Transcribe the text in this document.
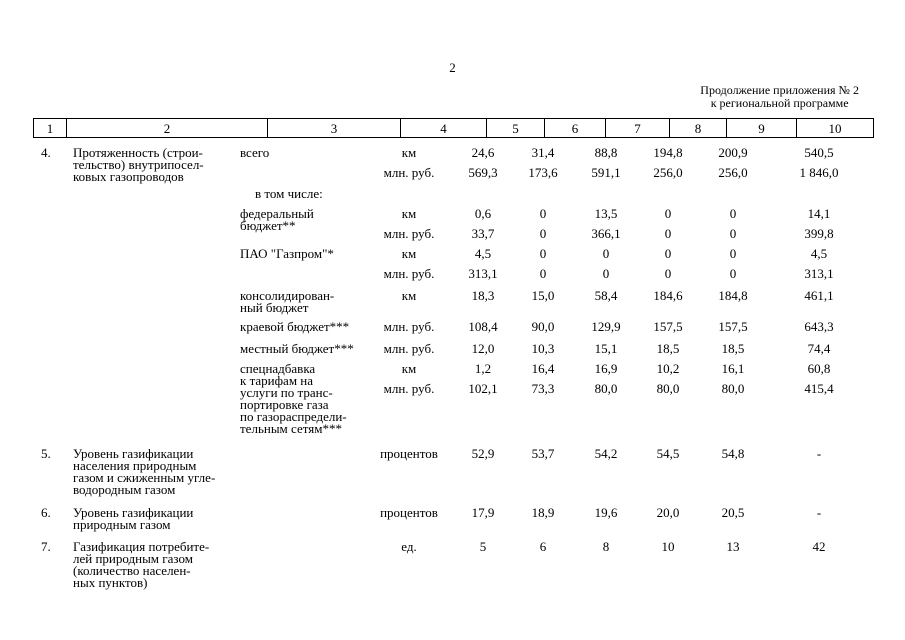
2
Продолжение приложения № 2
к региональной программе
1	2	3	4	5	6	7	8	9	10
4. Протяженность (строи-
тельство) внутрипосел-
ковых газопроводов
всего	км	24,6	31,4	88,8	194,8	200,9	540,5
млн. руб.	569,3	173,6	591,1	256,0	256,0	1 846,0
в том числе:
федеральный
бюджет**
км	0,6	0	13,5	0	0	14,1
млн. руб.	33,7	0	366,1	0	0	399,8
ПАО "Газпром"*	км	4,5	0	0	0	0	4,5
млн. руб.	313,1	0	0	0	0	313,1
консолидирован-
ный бюджет
км	18,3	15,0	58,4	184,6	184,8	461,1
краевой бюджет***	млн. руб.	108,4	90,0	129,9	157,5	157,5	643,3
местный бюджет***	млн. руб.	12,0	10,3	15,1	18,5	18,5	74,4
спецнадбавка
к тарифам на
услуги по транс-
портировке газа
по газораспредели-
тельным сетям***
км	1,2	16,4	16,9	10,2	16,1	60,8
млн. руб.	102,1	73,3	80,0	80,0	80,0	415,4
5. Уровень газификации
населения природным
газом и сжиженным угле-
водородным газом
процентов	52,9	53,7	54,2	54,5	54,8	-
6. Уровень газификации
природным газом
процентов	17,9	18,9	19,6	20,0	20,5	-
7. Газификация потребите-
лей природным газом
(количество населен-
ных пунктов)
ед.	5	6	8	10	13	42
